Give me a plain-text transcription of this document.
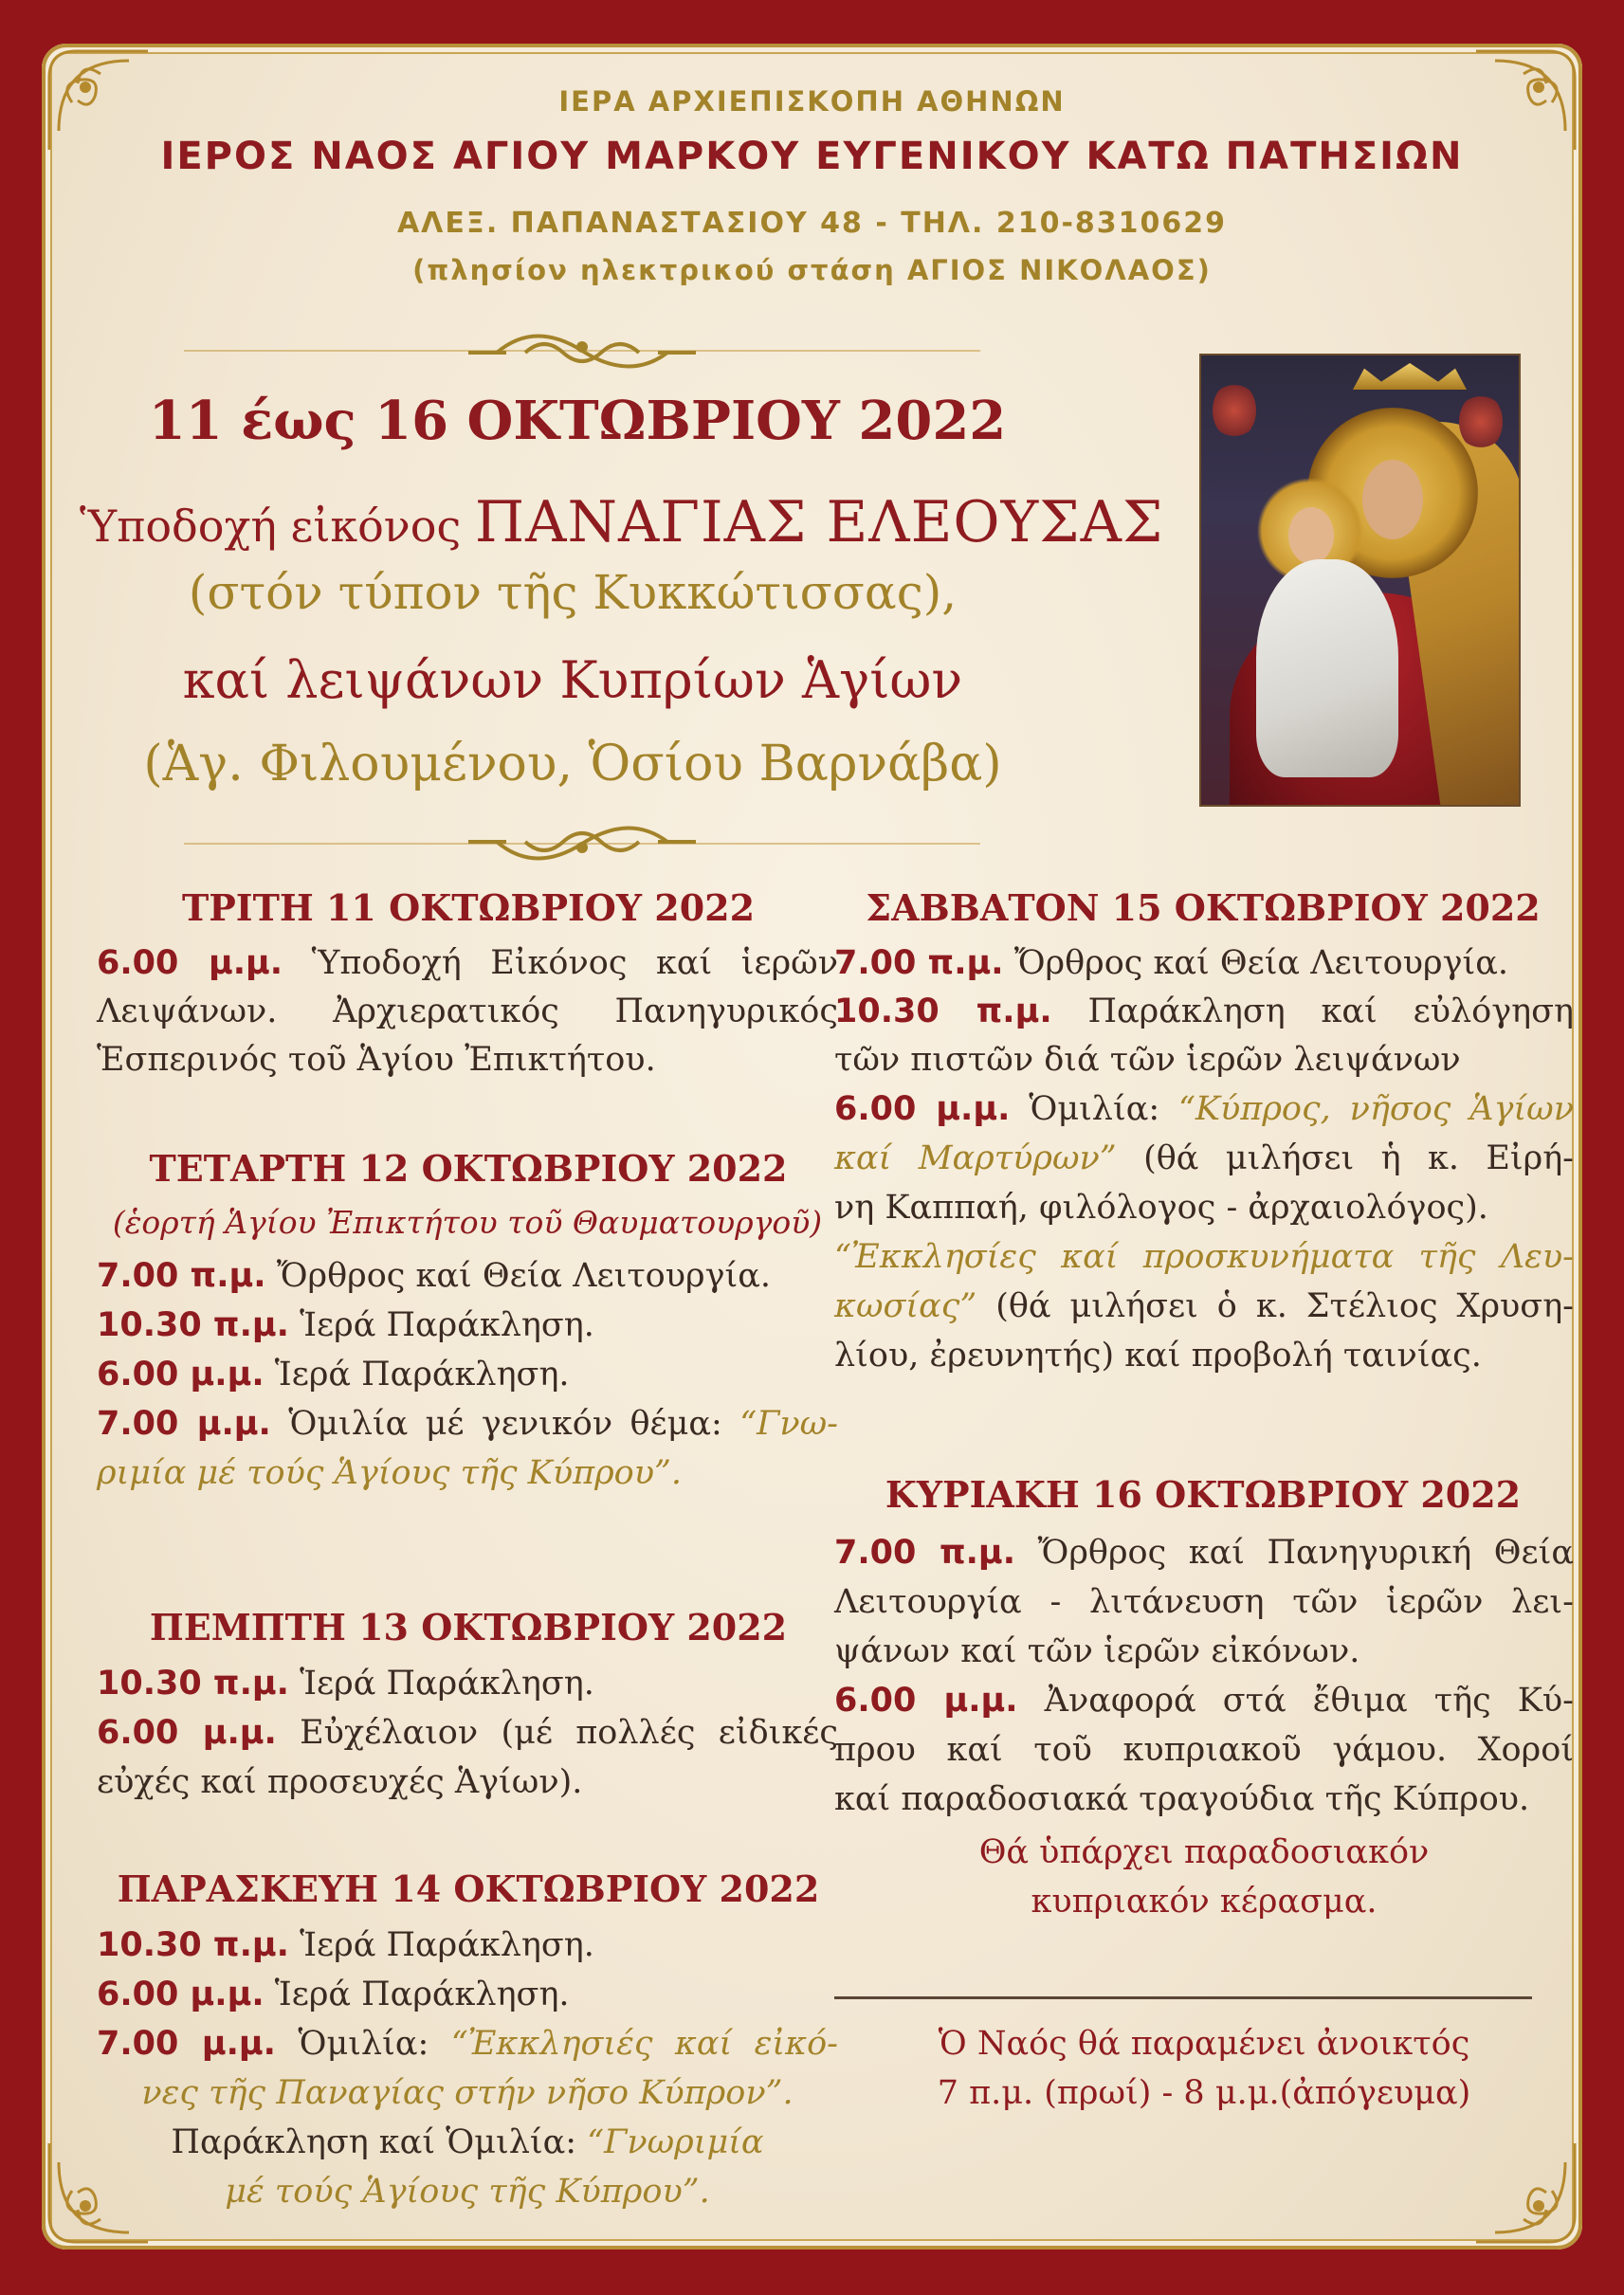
ΙΕΡΑ ΑΡΧΙΕΠΙΣΚΟΠΗ ΑΘΗΝΩΝ
ΙΕΡΟΣ ΝΑΟΣ ΑΓΙΟΥ ΜΑΡΚΟΥ ΕΥΓΕΝΙΚΟΥ ΚΑΤΩ ΠΑΤΗΣΙΩΝ
ΑΛΕΞ. ΠΑΠΑΝΑΣΤΑΣΙΟΥ 48 - ΤΗΛ. 210-8310629
(πλησίον ηλεκτρικού στάση ΑΓΙΟΣ ΝΙΚΟΛΑΟΣ)
11 έως 16 ΟΚΤΩΒΡΙΟΥ 2022
Ὑποδοχή εἰκόνος ΠΑΝΑΓΙΑΣ ΕΛΕΟΥΣΑΣ
(στόν τύπον τῆς Κυκκώτισσας),
καί λειψάνων Κυπρίων Ἁγίων
(Ἁγ. Φιλουμένου, Ὁσίου Βαρνάβα)
ΤΡΙΤΗ 11 ΟΚΤΩΒΡΙΟΥ 2022
6.00 μ.μ. Ὑποδοχή Εἰκόνος καί ἱερῶν
Λειψάνων. Ἀρχιερατικός Πανηγυρικός
Ἑσπερινός τοῦ Ἁγίου Ἐπικτήτου.
ΤΕΤΑΡΤΗ 12 ΟΚΤΩΒΡΙΟΥ 2022
(ἑορτή Ἁγίου Ἐπικτήτου τοῦ Θαυματουργοῦ)
7.00 π.μ. Ὄρθρος καί Θεία Λειτουργία.
10.30 π.μ. Ἱερά Παράκληση.
6.00 μ.μ. Ἱερά Παράκληση.
7.00 μ.μ. Ὁμιλία μέ γενικόν θέμα: “Γνω-
ριμία μέ τούς Ἁγίους τῆς Κύπρου”.
ΠΕΜΠΤΗ 13 ΟΚΤΩΒΡΙΟΥ 2022
10.30 π.μ. Ἱερά Παράκληση.
6.00 μ.μ. Εὐχέλαιον (μέ πολλές εἰδικές
εὐχές καί προσευχές Ἁγίων).
ΠΑΡΑΣΚΕΥΗ 14 ΟΚΤΩΒΡΙΟΥ 2022
10.30 π.μ. Ἱερά Παράκληση.
6.00 μ.μ. Ἱερά Παράκληση.
7.00 μ.μ. Ὁμιλία: “Ἐκκλησιές καί εἰκό-
νες τῆς Παναγίας στήν νῆσο Κύπρον”.
Παράκληση καί Ὁμιλία: “Γνωριμία
μέ τούς Ἁγίους τῆς Κύπρου”.
ΣΑΒΒΑΤΟΝ 15 ΟΚΤΩΒΡΙΟΥ 2022
7.00 π.μ. Ὄρθρος καί Θεία Λειτουργία.
10.30 π.μ. Παράκληση καί εὐλόγηση
τῶν πιστῶν διά τῶν ἱερῶν λειψάνων
6.00 μ.μ. Ὁμιλία: “Κύπρος, νῆσος Ἁγίων
καί Μαρτύρων” (θά μιλήσει ἡ κ. Εἰρή-
νη Καππαή, φιλόλογος - ἀρχαιολόγος).
“Ἐκκλησίες καί προσκυνήματα τῆς Λευ-
κωσίας” (θά μιλήσει ὁ κ. Στέλιος Χρυση-
λίου, ἐρευνητής) καί προβολή ταινίας.
ΚΥΡΙΑΚΗ 16 ΟΚΤΩΒΡΙΟΥ 2022
7.00 π.μ. Ὄρθρος καί Πανηγυρική Θεία
Λειτουργία - λιτάνευση τῶν ἱερῶν λει-
ψάνων καί τῶν ἱερῶν εἰκόνων.
6.00 μ.μ. Ἀναφορά στά ἔθιμα τῆς Κύ-
πρου καί τοῦ κυπριακοῦ γάμου. Χοροί
καί παραδοσιακά τραγούδια τῆς Κύπρου.
Θά ὑπάρχει παραδοσιακόν
κυπριακόν κέρασμα.
Ὁ Ναός θά παραμένει ἀνοικτός
7 π.μ. (πρωί) - 8 μ.μ.(ἀπόγευμα)
